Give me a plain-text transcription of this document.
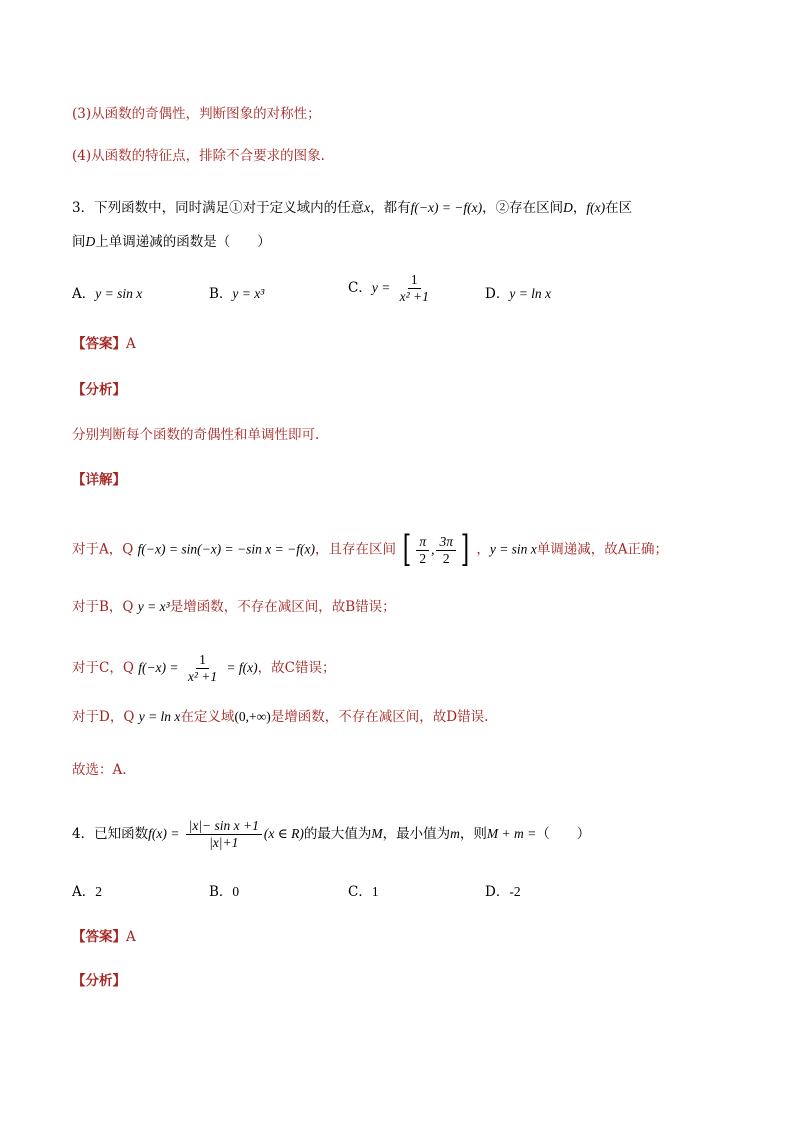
(3)从函数的奇偶性，判断图象的对称性；
(4)从函数的特征点，排除不合要求的图象.
3．下列函数中，同时满足①对于定义域内的任意x，都有f(−x) = −f(x)，②存在区间D，f(x)在区
间D上单调递减的函数是（　　）
A．y = sin x	B．y = x³	C．$y = \frac{1}{\text{x² +1}}$	D．y = ln x
【答案】A
【分析】
分别判断每个函数的奇偶性和单调性即可.
【详解】
对于A，Q f(−x) = sin(−x) = −sin x = −f(x)，且存在区间 [ $\frac{\pi}{2}$ , $\frac{3\pi}{2}$ ] ，y = sin x单调递减，故A正确；
对于B，Q y = x³是增函数，不存在减区间，故B错误；
对于C，Q $f(-x) = \frac{1}{\text{x² +1}} = f(x)$，故C错误；
对于D，Q y = ln x在定义域(0,+∞)是增函数，不存在减区间，故D错误.
故选：A.
4．已知函数$f(x) = \frac{\text{|x|− sin x +1}}{|x|+1} (x$ ∈ R)的最大值为M，最小值为m，则M + m =（　　）
A．2	B．0	C．1	D．-2
【答案】A
【分析】
